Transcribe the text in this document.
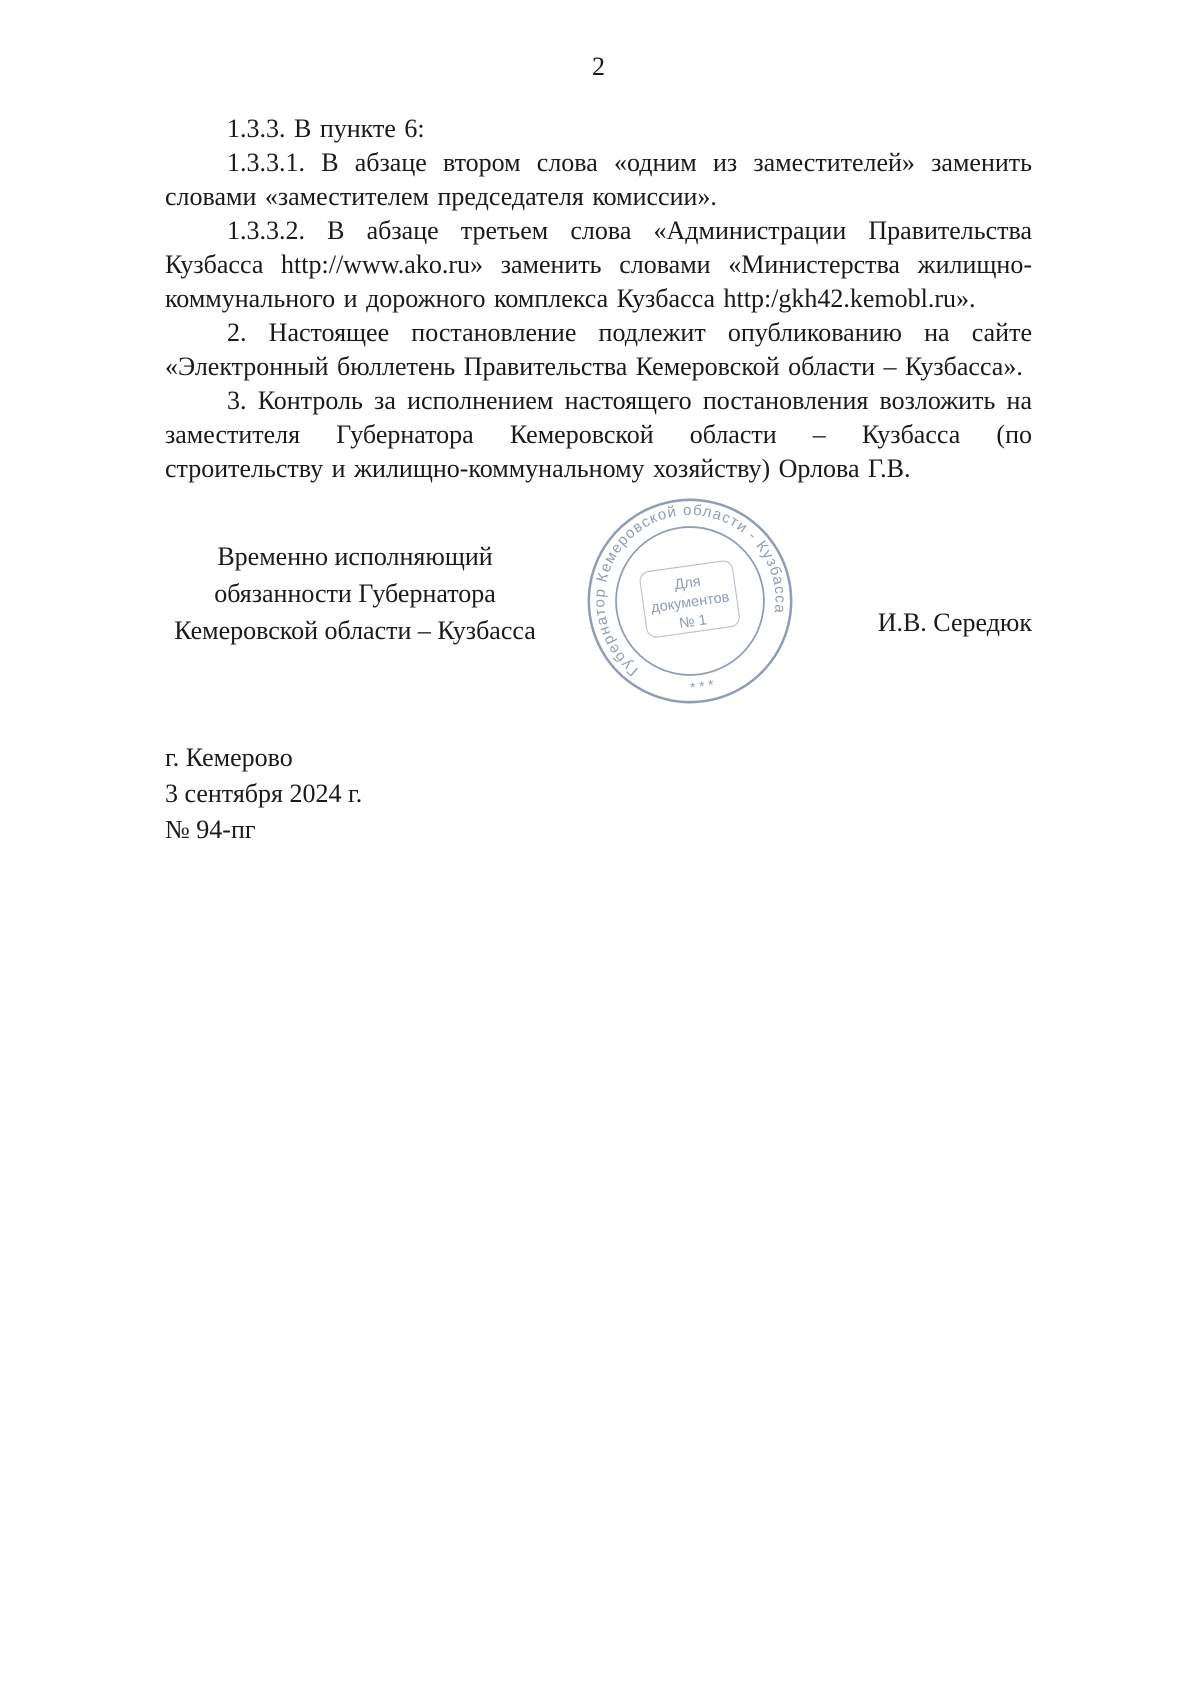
2

1.3.3. В пункте 6:

1.3.3.1. В абзаце втором слова «одним из заместителей» заменить словами «заместителем председателя комиссии».

1.3.3.2. В абзаце третьем слова «Администрации Правительства Кузбасса http://www.ako.ru» заменить словами «Министерства жилищно-коммунального и дорожного комплекса Кузбасса http:/gkh42.kemobl.ru».

2. Настоящее постановление подлежит опубликованию на сайте «Электронный бюллетень Правительства Кемеровской области – Кузбасса».

3. Контроль за исполнением настоящего постановления возложить на заместителя Губернатора Кемеровской области – Кузбасса (по строительству и жилищно-коммунальному хозяйству) Орлова Г.В.

Временно исполняющий
обязанности Губернатора
Кемеровской области – Кузбасса
Губернатор Кемеровской области - Кузбасса
Для
документов
№ 1
* * *
И.В. Середюк
г. Кемерово
3 сентября 2024 г.
№ 94-пг
